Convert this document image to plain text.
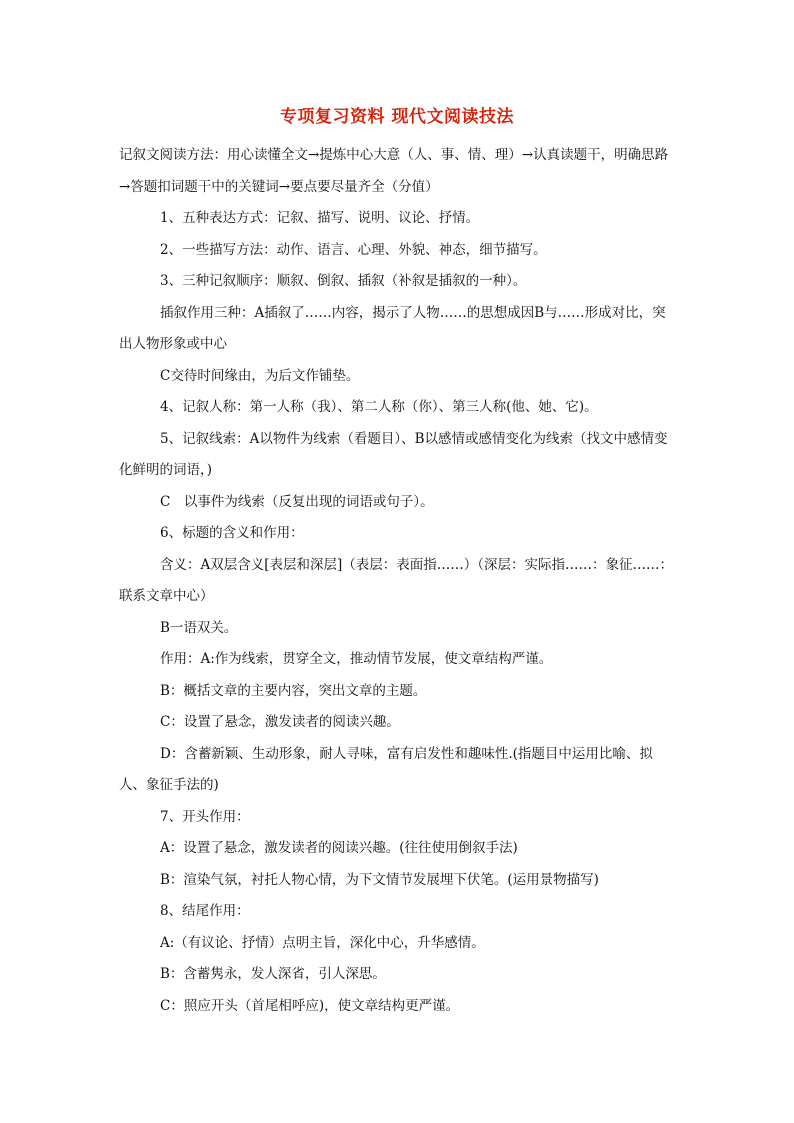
专项复习资料 现代文阅读技法

记叙文阅读方法：用心读懂全文→提炼中心大意（人、事、情、理）→认真读题干，明确思路→答题扣词题干中的关键词→要点要尽量齐全（分值）

1、五种表达方式：记叙、描写、说明、议论、抒情。

2、一些描写方法：动作、语言、心理、外貌、神态，细节描写。

3、三种记叙顺序：顺叙、倒叙、插叙（补叙是插叙的一种）。

插叙作用三种：A插叙了……内容，揭示了人物……的思想成因B与……形成对比，突出人物形象或中心

C交待时间缘由，为后文作铺垫。

4、记叙人称：第一人称（我）、第二人称（你）、第三人称(他、她、它)。

5、记叙线索：A以物件为线索（看题目）、B以感情或感情变化为线索（找文中感情变化鲜明的词语，)

C　以事件为线索（反复出现的词语或句子）。

6、标题的含义和作用：

含义：A双层含义[表层和深层]（表层：表面指……）（深层：实际指……：象征……：联系文章中心）

B一语双关。

作用：A:作为线索，贯穿全文，推动情节发展，使文章结构严谨。

B：概括文章的主要内容，突出文章的主题。

C：设置了悬念，激发读者的阅读兴趣。

D：含蓄新颖、生动形象，耐人寻味，富有启发性和趣味性.(指题目中运用比喻、拟人、象征手法的)

7、开头作用：

A：设置了悬念，激发读者的阅读兴趣。(往往使用倒叙手法)

B：渲染气氛，衬托人物心情，为下文情节发展埋下伏笔。(运用景物描写)

8、结尾作用：

A:（有议论、抒情）点明主旨，深化中心，升华感情。

B：含蓄隽永，发人深省，引人深思。

C：照应开头（首尾相呼应)，使文章结构更严谨。
